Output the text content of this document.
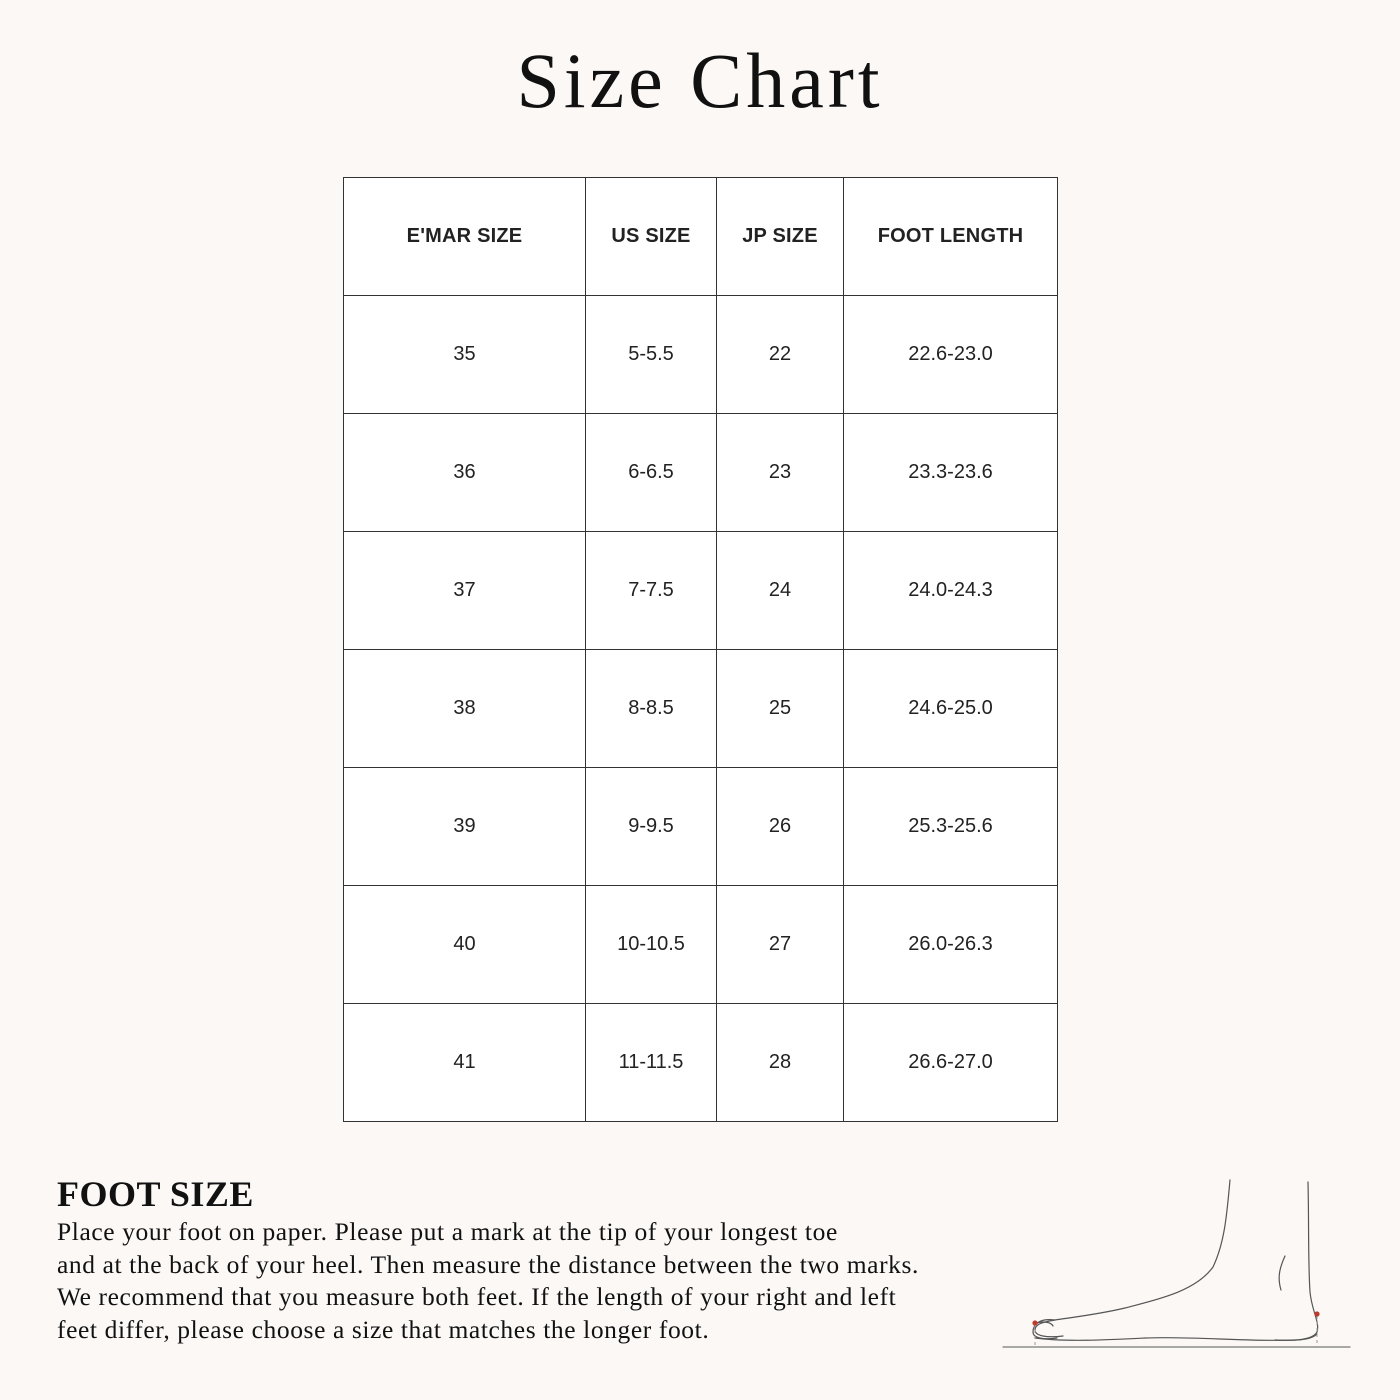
Size Chart
E'MAR SIZE	US SIZE	JP SIZE	FOOT LENGTH
35	5-5.5	22	22.6-23.0
36	6-6.5	23	23.3-23.6
37	7-7.5	24	24.0-24.3
38	8-8.5	25	24.6-25.0
39	9-9.5	26	25.3-25.6
40	10-10.5	27	26.0-26.3
41	11-11.5	28	26.6-27.0
FOOT SIZE

Place your foot on paper. Please put a mark at the tip of your longest toe

and at the back of your heel. Then measure the distance between the two marks.

We recommend that you measure both feet. If the length of your right and left

feet differ, please choose a size that matches the longer foot.
